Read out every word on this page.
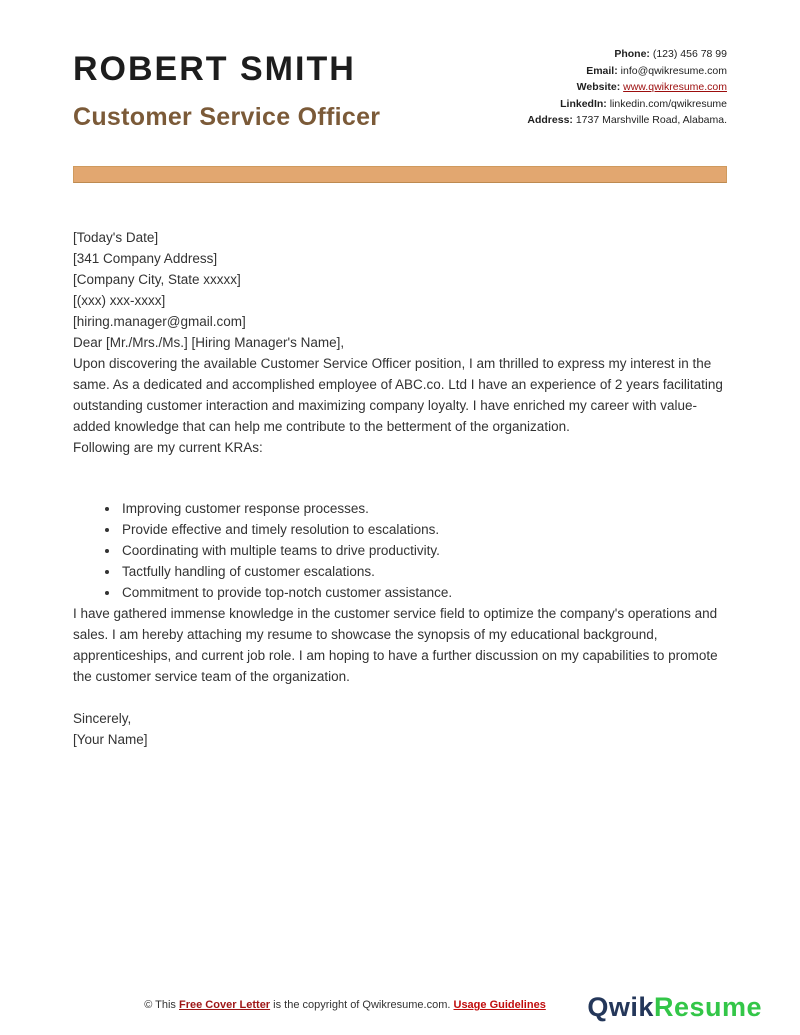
ROBERT SMITH
Customer Service Officer
Phone: (123) 456 78 99
Email: info@qwikresume.com
Website: www.qwikresume.com
LinkedIn: linkedin.com/qwikresume
Address: 1737 Marshville Road, Alabama.

[Today's Date]

[341 Company Address]

[Company City, State xxxxx]

[(xxx) xxx-xxxx]

[hiring.manager@gmail.com]

Dear [Mr./Mrs./Ms.] [Hiring Manager's Name],

Upon discovering the available Customer Service Officer position, I am thrilled to express my interest in the same. As a dedicated and accomplished employee of ABC.co. Ltd I have an experience of 2 years facilitating outstanding customer interaction and maximizing company loyalty. I have enriched my career with value-added knowledge that can help me contribute to the betterment of the organization.

Following are my current KRAs:

• Improving customer response processes.
• Provide effective and timely resolution to escalations.
• Coordinating with multiple teams to drive productivity.
• Tactfully handling of customer escalations.
• Commitment to provide top-notch customer assistance.

I have gathered immense knowledge in the customer service field to optimize the company's operations and sales. I am hereby attaching my resume to showcase the synopsis of my educational background, apprenticeships, and current job role. I am hoping to have a further discussion on my capabilities to promote the customer service team of the organization.

Sincerely,

[Your Name]

© This Free Cover Letter is the copyright of Qwikresume.com. Usage Guidelines	QwikResume
